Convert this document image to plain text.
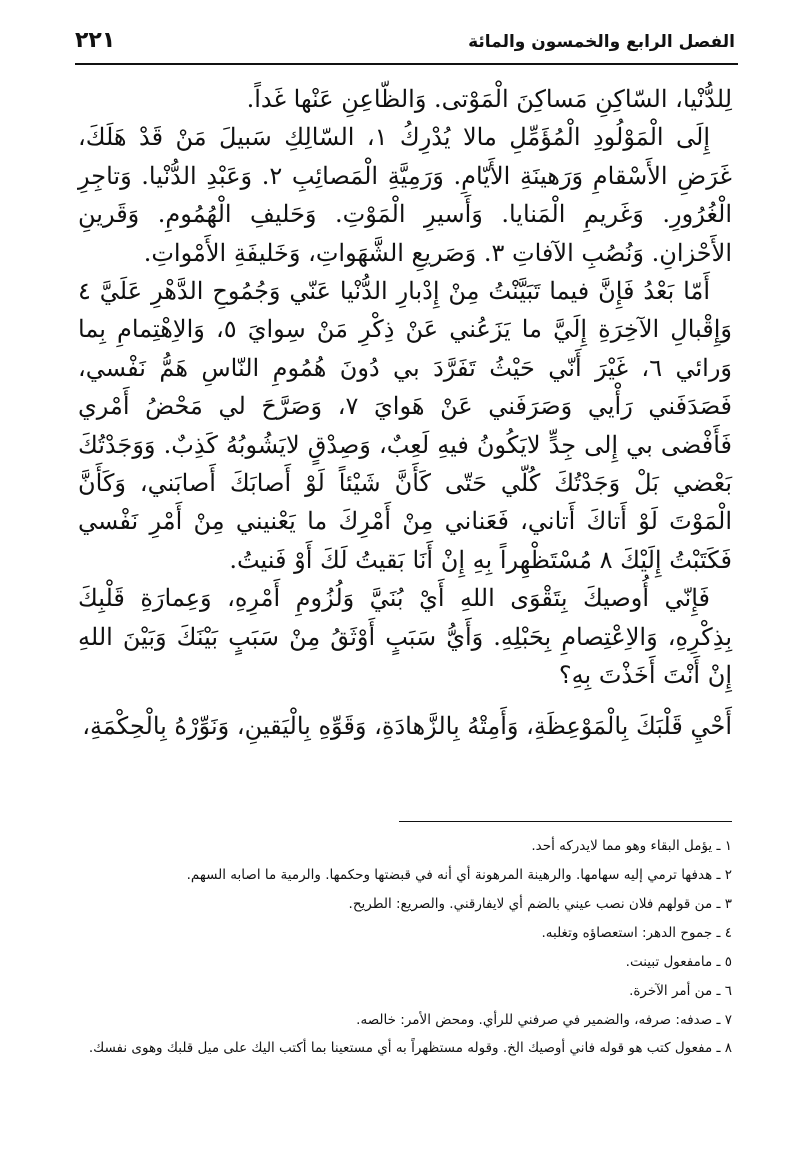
الفصل الرابع والخمسون والمائة
٢٢١

لِلدُّنْيا، السّاكِنِ مَساكِنَ الْمَوْتى. وَالظّاعِنِ عَنْها غَداً.

إِلَى الْمَوْلُودِ الْمُؤَمِّلِ مالا يُدْرِكُ ١، السّالِكِ سَبيلَ مَنْ قَدْ هَلَكَ، غَرَضِ الأَسْقامِ وَرَهينَةِ الأَيّامِ. وَرَمِيَّةِ الْمَصائِبِ ٢. وَعَبْدِ الدُّنْيا. وَتاجِرِ الْغُرُورِ. وَغَريمِ الْمَنايا. وَأَسيرِ الْمَوْتِ. وَحَليفِ الْهُمُومِ. وَقَرينِ الأَحْزانِ. وَنُصُبِ الآفاتِ ٣. وَصَريعِ الشَّهَواتِ، وَخَليفَةِ الأَمْواتِ.

أَمّا بَعْدُ فَإِنَّ فيما تَبَيَّنْتُ مِنْ إِدْبارِ الدُّنْيا عَنّي وَجُمُوحِ الدَّهْرِ عَلَيَّ ٤ وَإِقْبالِ الآخِرَةِ إِلَيَّ ما يَزَعُني عَنْ ذِكْرِ مَنْ سِوايَ ٥، وَالاِهْتِمامِ بِما وَرائي ٦، غَيْرَ أَنّي حَيْثُ تَفَرَّدَ بي دُونَ هُمُومِ النّاسِ هَمُّ نَفْسي، فَصَدَفَني رَأْيي وَصَرَفَني عَنْ هَوايَ ٧، وَصَرَّحَ لي مَحْضُ أَمْري فَأَفْضى بي إِلى جِدٍّ لايَكُونُ فيهِ لَعِبٌ، وَصِدْقٍ لايَشُوبُهُ كَذِبٌ. وَوَجَدْتُكَ بَعْضي بَلْ وَجَدْتُكَ كُلّي حَتّى كَأَنَّ شَيْئاً لَوْ أَصابَكَ أَصابَني، وَكَأَنَّ الْمَوْتَ لَوْ أَتاكَ أَتاني، فَعَناني مِنْ أَمْرِكَ ما يَعْنيني مِنْ أَمْرِ نَفْسي فَكَتَبْتُ إِلَيْكَ ٨ مُسْتَظْهِراً بِهِ إِنْ أَنَا بَقيتُ لَكَ أَوْ فَنيتُ.

فَإِنّي أُوصيكَ بِتَقْوَى اللهِ أَيْ بُنَيَّ وَلُزُومِ أَمْرِهِ، وَعِمارَةِ قَلْبِكَ بِذِكْرِهِ، وَالاِعْتِصامِ بِحَبْلِهِ. وَأَيُّ سَبَبٍ أَوْثَقُ مِنْ سَبَبٍ بَيْنَكَ وَبَيْنَ اللهِ إِنْ أَنْتَ أَخَذْتَ بِهِ؟

أَحْيِ قَلْبَكَ بِالْمَوْعِظَةِ، وَأَمِتْهُ بِالزَّهادَةِ، وَقَوِّهِ بِالْيَقينِ، وَنَوِّرْهُ بِالْحِكْمَةِ،

١ ـ يؤمل البقاء وهو مما لايدركه أحد.

٢ ـ هدفها ترمي إليه سهامها. والرهينة المرهونة أي أنه في قبضتها وحكمها. والرمية ما اصابه السهم.

٣ ـ من قولهم فلان نصب عيني بالضم أي لايفارقني. والصريع: الطريح.

٤ ـ جموح الدهر: استعصاؤه وتغلبه.

٥ ـ مامفعول تبينت.

٦ ـ من أمر الآخرة.

٧ ـ صدفه: صرفه، والضمير في صرفني للرأي. ومحض الأمر: خالصه.

٨ ـ مفعول كتب هو قوله فاني أوصيك الخ. وقوله مستظهراً به أي مستعينا بما أكتب اليك على ميل قلبك وهوى نفسك.
